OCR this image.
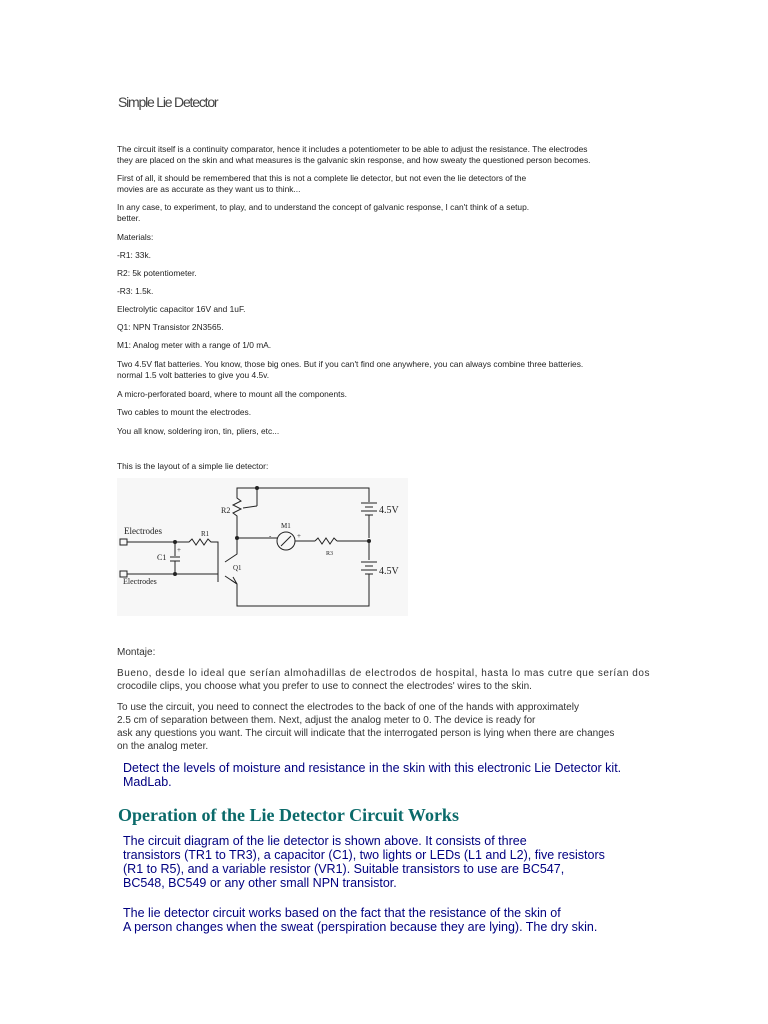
Simple Lie Detector

The circuit itself is a continuity comparator, hence it includes a potentiometer to be able to adjust the resistance. The electrodes
they are placed on the skin and what measures is the galvanic skin response, and how sweaty the questioned person becomes.

First of all, it should be remembered that this is not a complete lie detector, but not even the lie detectors of the
movies are as accurate as they want us to think...

In any case, to experiment, to play, and to understand the concept of galvanic response, I can't think of a setup.
better.

Materials:

-R1: 33k.

R2: 5k potentiometer.

-R3: 1.5k.

Electrolytic capacitor 16V and 1uF.

Q1: NPN Transistor 2N3565.

M1: Analog meter with a range of 1/0 mA.

Two 4.5V flat batteries. You know, those big ones. But if you can't find one anywhere, you can always combine three batteries.
normal 1.5 volt batteries to give you 4.5v.

A micro-perforated board, where to mount all the components.

Two cables to mount the electrodes.

You all know, soldering iron, tin, pliers, etc...

This is the layout of a simple lie detector:

R2
R1
M1
R3
C1
Q1
Electrodes
Electrodes
4.5V
4.5V
-	+
+

Montaje:

Bueno, desde lo ideal que serían almohadillas de electrodos de hospital, hasta lo mas cutre que serían dos
crocodile clips, you choose what you prefer to use to connect the electrodes' wires to the skin.

To use the circuit, you need to connect the electrodes to the back of one of the hands with approximately
2.5 cm of separation between them. Next, adjust the analog meter to 0. The device is ready for
ask any questions you want. The circuit will indicate that the interrogated person is lying when there are changes
on the analog meter.

Detect the levels of moisture and resistance in the skin with this electronic Lie Detector kit.
MadLab.

Operation of the Lie Detector Circuit Works

The circuit diagram of the lie detector is shown above. It consists of three
transistors (TR1 to TR3), a capacitor (C1), two lights or LEDs (L1 and L2), five resistors
(R1 to R5), and a variable resistor (VR1). Suitable transistors to use are BC547,
BC548, BC549 or any other small NPN transistor.

The lie detector circuit works based on the fact that the resistance of the skin of
A person changes when the sweat (perspiration because they are lying). The dry skin.
